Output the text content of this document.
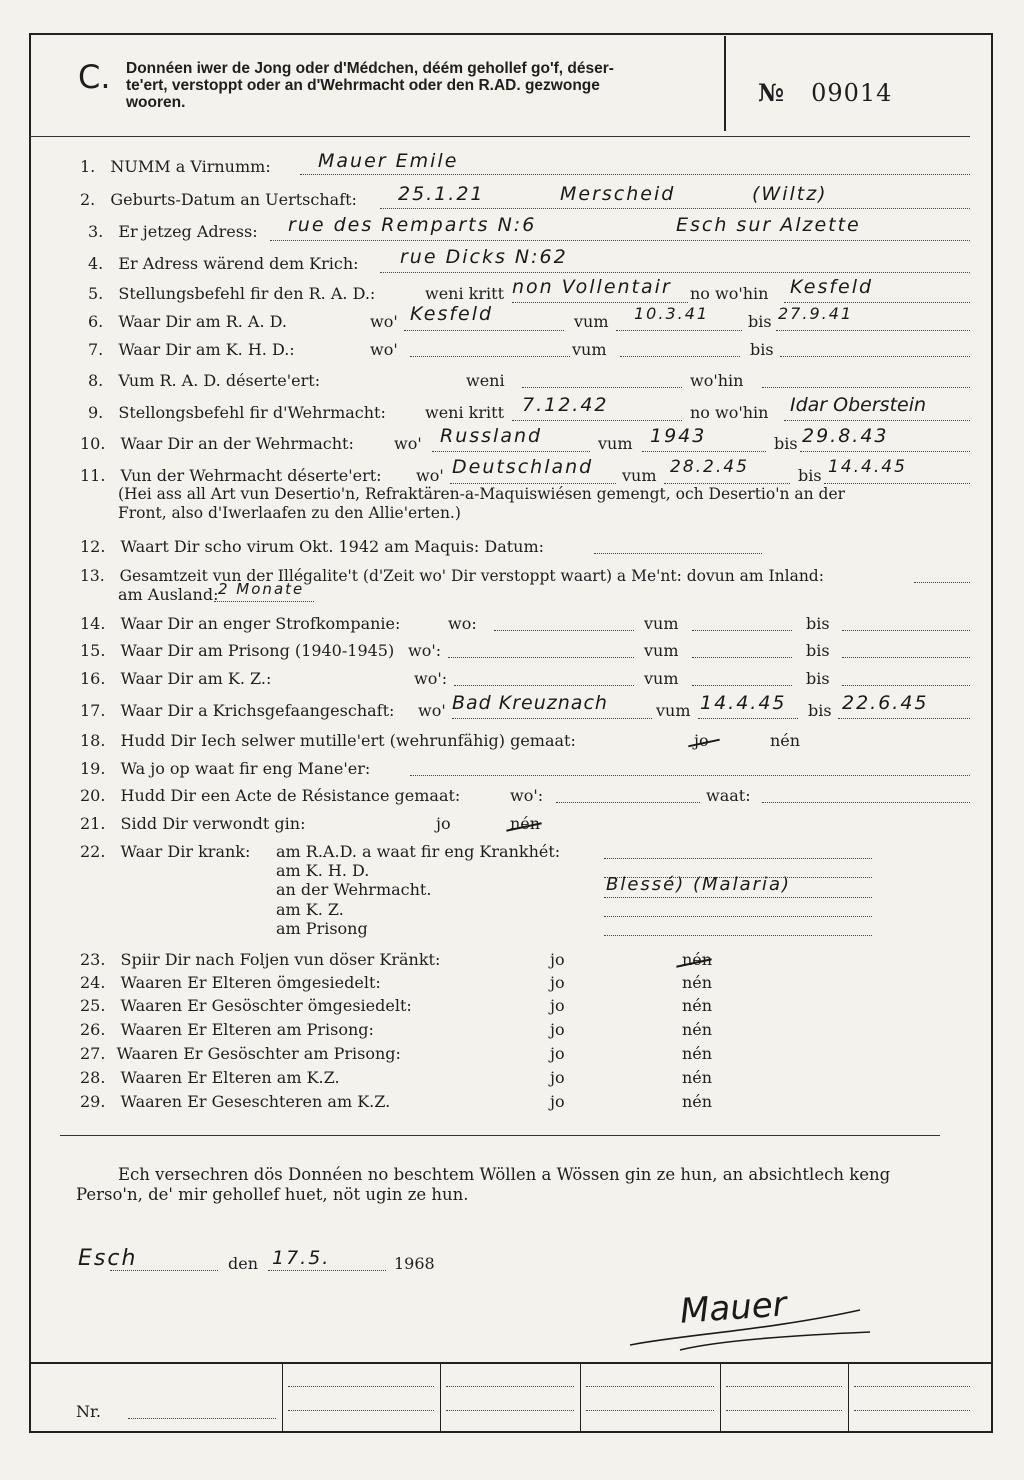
C. Donnéen iwer de Jong oder d'Médchen, déém gehollef go'f, déser-
te'ert, verstoppt oder an d'Wehrmacht oder den R.AD. gezwonge
wooren.	№ 09014
1. NUMM a Virnumm: Mauer Emile
2. Geburts-Datum an Uertschaft: 25.1.21	Merscheid	(Wiltz)
3. Er jetzeg Adress: rue des Remparts N:6	Esch sur Alzette
4. Er Adress wärend dem Krich: rue Dicks N:62
5. Stellungsbefehl fir den R. A. D.:	weni kritt non Vollentair no wo'hin Kesfeld
6. Waar Dir am R. A. D.	wo' Kesfeld	vum 10.3.41 bis 27.9.41
7. Waar Dir am K. H. D.:	wo'	vum	bis
8. Vum R. A. D. déserte'ert:	weni	wo'hin
9. Stellongsbefehl fir d'Wehrmacht: weni kritt 7.12.42	no wo'hin Idar Oberstein
10. Waar Dir an der Wehrmacht:	wo' Russland	vum 1943	bis 29.8.43
11. Vun der Wehrmacht déserte'ert: wo' Deutschland vum 28.2.45	bis 14.4.45
(Hei ass all Art vun Desertio'n, Refraktären-a-Maquiswiésen gemengt, och Desertio'n an der
Front, also d'Iwerlaafen zu den Allie'erten.)
12. Waart Dir scho virum Okt. 1942 am Maquis: Datum:
13. Gesamtzeit vun der Illégalite't (d'Zeit wo' Dir verstoppt waart) a Me'nt: dovun am Inland:
am Ausland: 2 Monate
14. Waar Dir an enger Strofkompanie:	wo:	vum	bis
15. Waar Dir am Prisong (1940-1945) wo':	vum	bis
16. Waar Dir am K. Z.:	wo':	vum	bis
17. Waar Dir a Krichsgefaangeschaft: wo' Bad Kreuznach	vum 14.4.45 bis 22.6.45
18. Hudd Dir Iech selwer mutille'ert (wehrunfähig) gemaat:	jo	nén
19. Wa jo op waat fir eng Mane'er:
20. Hudd Dir een Acte de Résistance gemaat:	wo':	waat:
21. Sidd Dir verwondt gin:	jo	nén
22. Waar Dir krank: am R.A.D. a waat fir eng Krankhét:
am K. H. D.
an der Wehrmacht.	Blessé) (Malaria)
am K. Z.
am Prisong
23. Spiir Dir nach Foljen vun döser Kränkt:	jo	nén
24. Waaren Er Elteren ömgesiedelt:	jo	nén
25. Waaren Er Gesöschter ömgesiedelt:	jo	nén
26. Waaren Er Elteren am Prisong:	jo	nén
27. Waaren Er Gesöschter am Prisong:	jo	nén
28. Waaren Er Elteren am K.Z.	jo	nén
29. Waaren Er Geseschteren am K.Z.	jo	nén
Ech versechren dös Donnéen no beschtem Wöllen a Wössen gin ze hun, an absichtlech keng
Perso'n, de' mir gehollef huet, nöt ugin ze hun.
Esch	den 17.5.	1968
Mauer
Nr.
